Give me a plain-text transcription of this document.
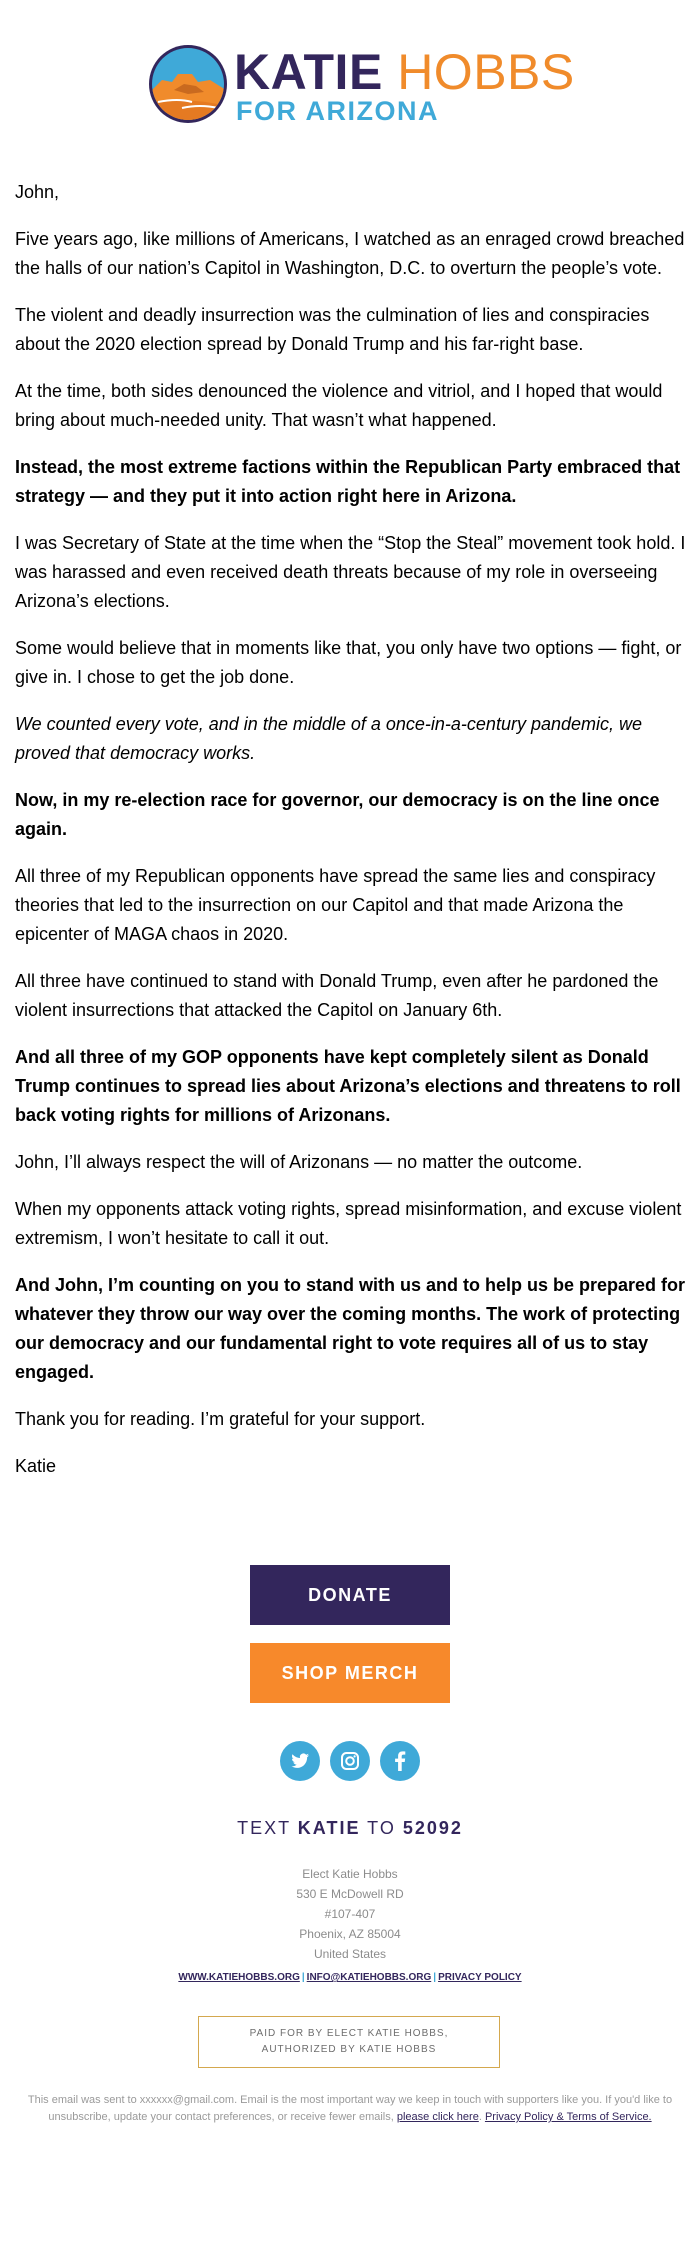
KATIE HOBBS
FOR ARIZONA

John,

Five years ago, like millions of Americans, I watched as an enraged crowd breached the halls of our nation’s Capitol in Washington, D.C. to overturn the people’s vote.

The violent and deadly insurrection was the culmination of lies and conspiracies about the 2020 election spread by Donald Trump and his far-right base.

At the time, both sides denounced the violence and vitriol, and I hoped that would bring about much-needed unity. That wasn’t what happened.

Instead, the most extreme factions within the Republican Party embraced that strategy — and they put it into action right here in Arizona.

I was Secretary of State at the time when the “Stop the Steal” movement took hold. I was harassed and even received death threats because of my role in overseeing Arizona’s elections.

Some would believe that in moments like that, you only have two options — fight, or give in. I chose to get the job done.

We counted every vote, and in the middle of a once-in-a-century pandemic, we proved that democracy works.

Now, in my re-election race for governor, our democracy is on the line once again.

All three of my Republican opponents have spread the same lies and conspiracy theories that led to the insurrection on our Capitol and that made Arizona the epicenter of MAGA chaos in 2020.

All three have continued to stand with Donald Trump, even after he pardoned the violent insurrections that attacked the Capitol on January 6th.

And all three of my GOP opponents have kept completely silent as Donald Trump continues to spread lies about Arizona’s elections and threatens to roll back voting rights for millions of Arizonans.

John, I’ll always respect the will of Arizonans — no matter the outcome.

When my opponents attack voting rights, spread misinformation, and excuse violent extremism, I won’t hesitate to call it out.

And John, I’m counting on you to stand with us and to help us be prepared for whatever they throw our way over the coming months. The work of protecting our democracy and our fundamental right to vote requires all of us to stay engaged.

Thank you for reading. I’m grateful for your support.

Katie

DONATE
SHOP MERCH
TEXT KATIE TO 52092
Elect Katie Hobbs
530 E McDowell RD
#107-407
Phoenix, AZ 85004
United States
WWW.KATIEHOBBS.ORG | INFO@KATIEHOBBS.ORG | PRIVACY POLICY
PAID FOR BY ELECT KATIE HOBBS,
AUTHORIZED BY KATIE HOBBS
This email was sent to xxxxxx@gmail.com. Email is the most important way we keep in touch with supporters like you. If you'd like to unsubscribe, update your contact preferences, or receive fewer emails, please click here. Privacy Policy & Terms of Service.
